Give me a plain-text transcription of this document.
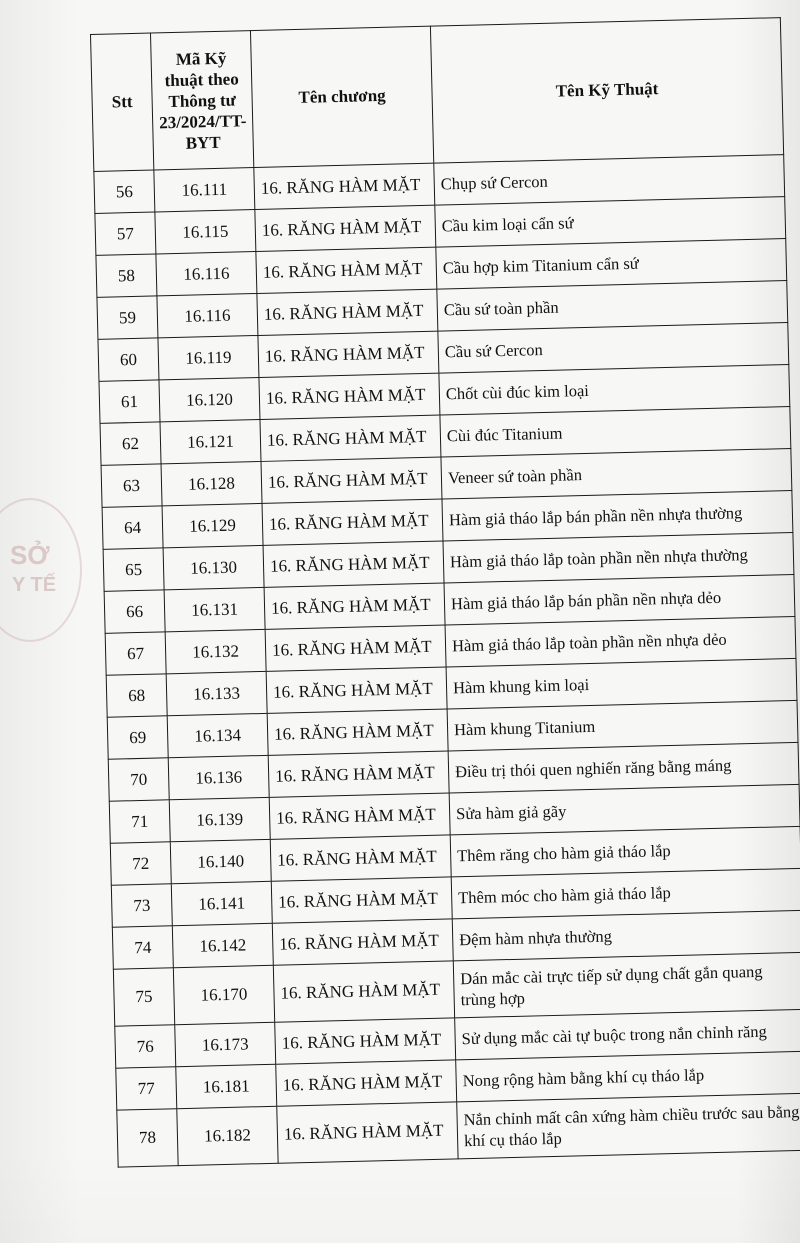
SỞ
Y TẾ
Stt	Mã Kỹ thuật theo Thông tư 23/2024/TT-BYT	Tên chương	Tên Kỹ Thuật
56	16.111	16. RĂNG HÀM MẶT	Chụp sứ Cercon
57	16.115	16. RĂNG HÀM MẶT	Cầu kim loại cẩn sứ
58	16.116	16. RĂNG HÀM MẶT	Cầu hợp kim Titanium cẩn sứ
59	16.116	16. RĂNG HÀM MẶT	Cầu sứ toàn phần
60	16.119	16. RĂNG HÀM MẶT	Cầu sứ Cercon
61	16.120	16. RĂNG HÀM MẶT	Chốt cùi đúc kim loại
62	16.121	16. RĂNG HÀM MẶT	Cùi đúc Titanium
63	16.128	16. RĂNG HÀM MẶT	Veneer sứ toàn phần
64	16.129	16. RĂNG HÀM MẶT	Hàm giả tháo lắp bán phần nền nhựa thường
65	16.130	16. RĂNG HÀM MẶT	Hàm giả tháo lắp toàn phần nền nhựa thường
66	16.131	16. RĂNG HÀM MẶT	Hàm giả tháo lắp bán phần nền nhựa dẻo
67	16.132	16. RĂNG HÀM MẶT	Hàm giả tháo lắp toàn phần nền nhựa dẻo
68	16.133	16. RĂNG HÀM MẶT	Hàm khung kim loại
69	16.134	16. RĂNG HÀM MẶT	Hàm khung Titanium
70	16.136	16. RĂNG HÀM MẶT	Điều trị thói quen nghiến răng bằng máng
71	16.139	16. RĂNG HÀM MẶT	Sửa hàm giả gãy
72	16.140	16. RĂNG HÀM MẶT	Thêm răng cho hàm giả tháo lắp
73	16.141	16. RĂNG HÀM MẶT	Thêm móc cho hàm giả tháo lắp
74	16.142	16. RĂNG HÀM MẶT	Đệm hàm nhựa thường
75	16.170	16. RĂNG HÀM MẶT	Dán mắc cài trực tiếp sử dụng chất gắn quang trùng hợp
76	16.173	16. RĂNG HÀM MẶT	Sử dụng mắc cài tự buộc trong nắn chỉnh răng
77	16.181	16. RĂNG HÀM MẶT	Nong rộng hàm bằng khí cụ tháo lắp
78	16.182	16. RĂNG HÀM MẶT	Nắn chỉnh mất cân xứng hàm chiều trước sau bằng khí cụ tháo lắp
